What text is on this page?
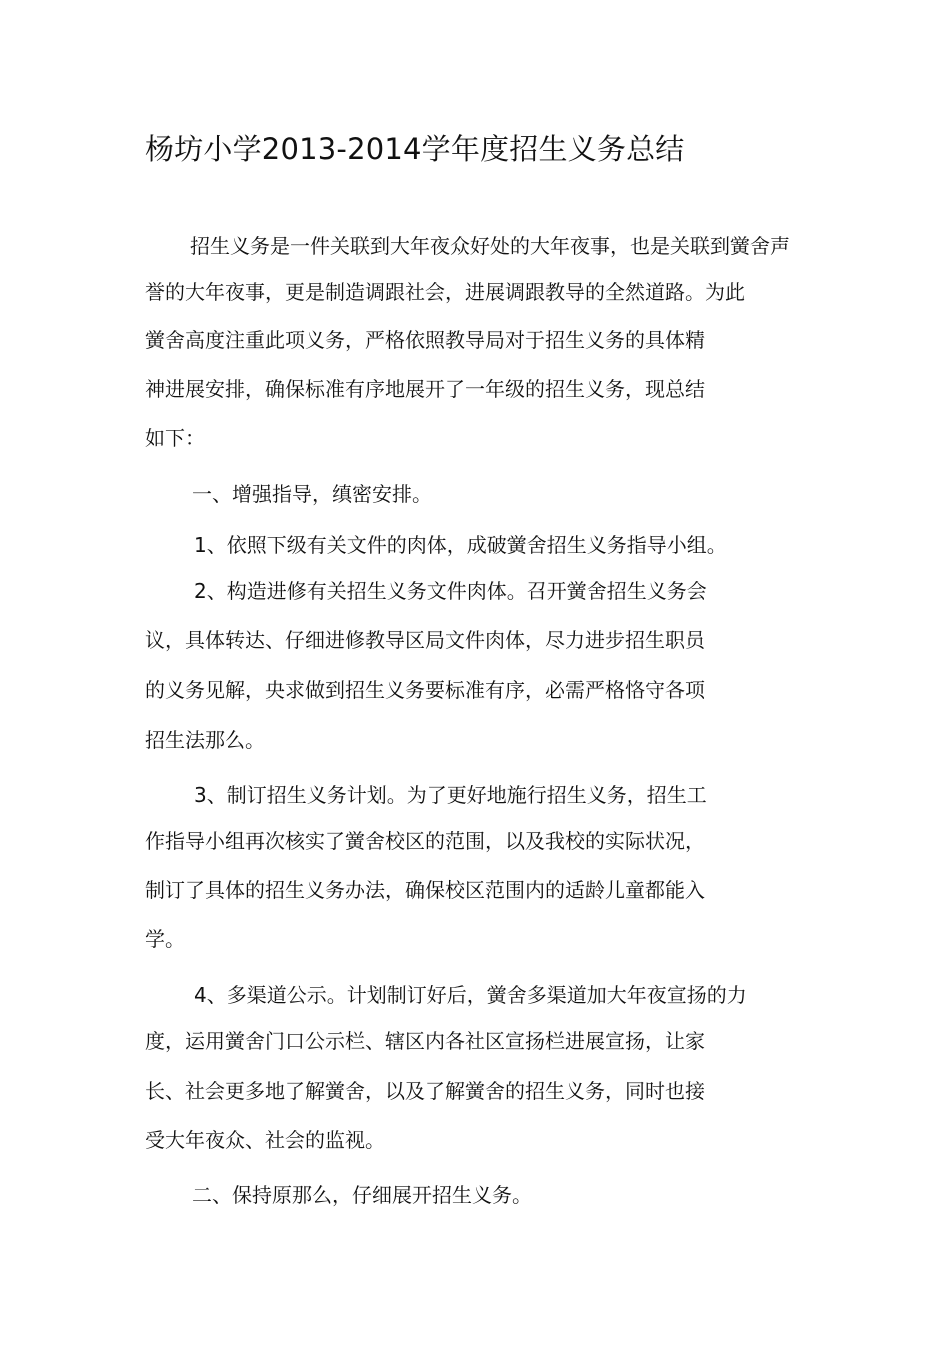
杨坊小学2013-2014学年度招生义务总结
招生义务是一件关联到大年夜众好处的大年夜事，也是关联到黉舍声
誉的大年夜事，更是制造调跟社会，进展调跟教导的全然道路。为此
黉舍高度注重此项义务，严格依照教导局对于招生义务的具体精
神进展安排，确保标准有序地展开了一年级的招生义务，现总结
如下：
一、增强指导，缜密安排。
1、依照下级有关文件的肉体，成破黉舍招生义务指导小组。
2、构造进修有关招生义务文件肉体。召开黉舍招生义务会
议，具体转达、仔细进修教导区局文件肉体，尽力进步招生职员
的义务见解，央求做到招生义务要标准有序，必需严格恪守各项
招生法那么。
3、制订招生义务计划。为了更好地施行招生义务，招生工
作指导小组再次核实了黉舍校区的范围，以及我校的实际状况，
制订了具体的招生义务办法，确保校区范围内的适龄儿童都能入
学。
4、多渠道公示。计划制订好后，黉舍多渠道加大年夜宣扬的力
度，运用黉舍门口公示栏、辖区内各社区宣扬栏进展宣扬，让家
长、社会更多地了解黉舍，以及了解黉舍的招生义务，同时也接
受大年夜众、社会的监视。
二、保持原那么，仔细展开招生义务。
